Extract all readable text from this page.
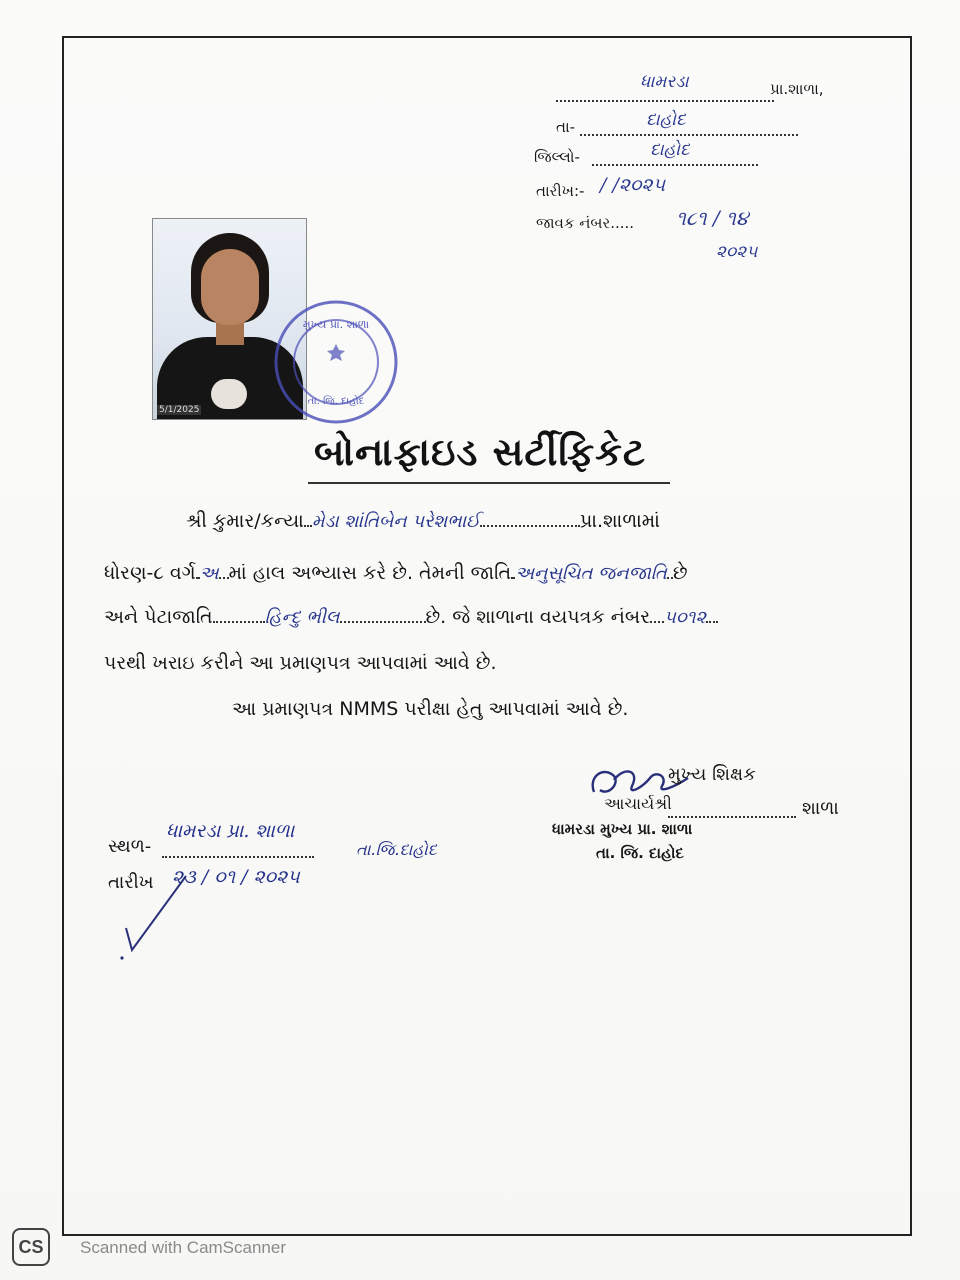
ધામરડા	પ્રા.શાળા,
તા-	દાહોદ
જિલ્લો-	દાહોદ
તારીખ:- / /૨૦૨૫
જાવક નંબર..... ૧૮૧ / ૧૪
૨૦૨૫
5/1/2025
મુખ્ય પ્રા. શાળા
તા. જિ. દાહોદ
બોનાફાઇડ સર્ટીફિકેટ
શ્રી કુમાર/કન્યા મેડા શાંતિબેન પરેશભાઈ	પ્રા.શાળામાં
ધોરણ-૮ વર્ગ અ માં હાલ અભ્યાસ કરે છે. તેમની જાતિ અનુસૂચિત જનજાતિ છે
અને પેટાજાતિ	હિન્દુ ભીલ	છે. જે શાળાના વયપત્રક નંબર ૫૦૧૨
પરથી ખરાઇ કરીને આ પ્રમાણપત્ર આપવામાં આવે છે.
આ પ્રમાણપત્ર NMMS પરીક્ષા હેતુ આપવામાં આવે છે.
મુખ્ય શિક્ષક
આચાર્યશ્રી	શાળા
ધામરડા મુખ્ય પ્રા. શાળા
તા. જિ. દાહોદ
સ્થળ-
ધામરડા પ્રા. શાળા
તા.જિ.દાહોદ
તારીખ ૨૩ / ૦૧ / ૨૦૨૫
CS	Scanned with CamScanner
